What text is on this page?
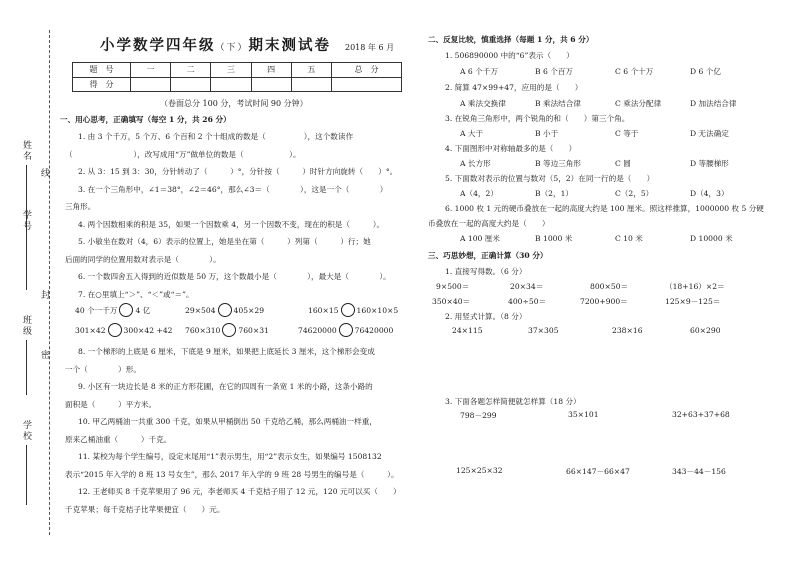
姓名
学号
班级
学校
线
封
密
小学数学四年级（下）期末测试卷 2018 年 6 月
题　号	一	二	三	四	五	总　分
得　分						
（卷面总分 100 分，考试时间 90 分钟）
一、用心思考，正确填写（每空 1 分，共 26 分）
1. 由 3 个千万，5 个万、6 个百和 2 个十组成的数是（　　　　　），这个数读作
（　　　　　　　　），改写成用“万”做单位的数是（　　　　　　）。
2. 从 3：15 到 3：30，分针转动了（　　　）°，分针按（　　　）时针方向旋转（　　）°。
3. 在一个三角形中，∠1＝38°，∠2＝46°，那么∠3＝（　　　　），这是一个（　　　　）
三角形。
4. 两个因数相乘的积是 35，如果一个因数乘 4，另一个因数不变，现在的积是（　　　）。
5. 小敏坐在数对（4，6）表示的位置上，她是坐在第（　　　）列第（　　　）行；她
后面的同学的位置用数对表示是（　　　　）。
6. 一个数四舍五入得到的近似数是 50 万，这个数最小是（　　　　），最大是（　　　　）。
7. 在○里填上“＞”、“＜”或“＝”。
40 个一千万 4 亿	29×504 405×29	160×15 160×10×5
301×42 300×42 +42 760×310 760×31	74620000 76420000
8. 一个梯形的上底是 6 厘米，下底是 9 厘米，如果把上底延长 3 厘米，这个梯形会变成
一个（　　　　）形。
9. 小区有一块边长是 8 米的正方形花圃，在它的四周有一条宽 1 米的小路，这条小路的
面积是（　　　）平方米。
10. 甲乙两桶油一共重 300 千克，如果从甲桶倒出 50 千克给乙桶，那么两桶油一样重，
原来乙桶油重（　　　）千克。
11. 某校为每个学生编号，设定末尾用“1”表示男生，用“2”表示女生，如果编号 1508132
表示“2015 年入学的 8 班 13 号女生”，那么 2017 年入学的 9 班 28 号男生的编号是（　　　）。
12. 王老师买 8 千克苹果用了 96 元，李老师买 4 千克桔子用了 12 元，120 元可以买（　　）
千克苹果；每千克桔子比苹果便宜（　　）元。
二、反复比较，慎重选择（每题 1 分，共 6 分）
1. 506890000 中的“6”表示（　　）
A 6 个千万	B 6 个百万	C 6 个十万	D 6 个亿
2. 简算 47×99+47，应用的是（　　）
A 乘法交换律	B 乘法结合律	C 乘法分配律	D 加法结合律
3. 在锐角三角形中，两个锐角的和（　　）第三个角。
A 大于	B 小于	C 等于	D 无法确定
4. 下面图形中对称轴最多的是（　　）
A 长方形	B 等边三角形	C 圆	D 等腰梯形
5. 下面数对表示的位置与数对（5，2）在同一行的是（　　）
A（4，2）	B（2，1）	C（2，5）	D（4，3）
6. 1000 枚 1 元的硬币叠放在一起的高度大约是 100 厘米。照这样推算，1000000 枚 5 分硬
币叠放在一起的高度大约是（　　）
A 100 厘米	B 1000 米	C 10 米	D 10000 米
三、巧思妙想，正确计算（30 分）
1. 直接写得数。（6 分）
9×500＝	20×34＝	800×50＝	（18+16）×2＝
350×40＝	400÷50＝	7200+900＝	125×9－125＝
2. 用竖式计算。（8 分）
24×115	37×305	238×16	60×290
3. 下面各题怎样简便就怎样算（18 分）
798－299	35×101	32+63+37+68
125×25×32	66×147－66×47	343－44－156
